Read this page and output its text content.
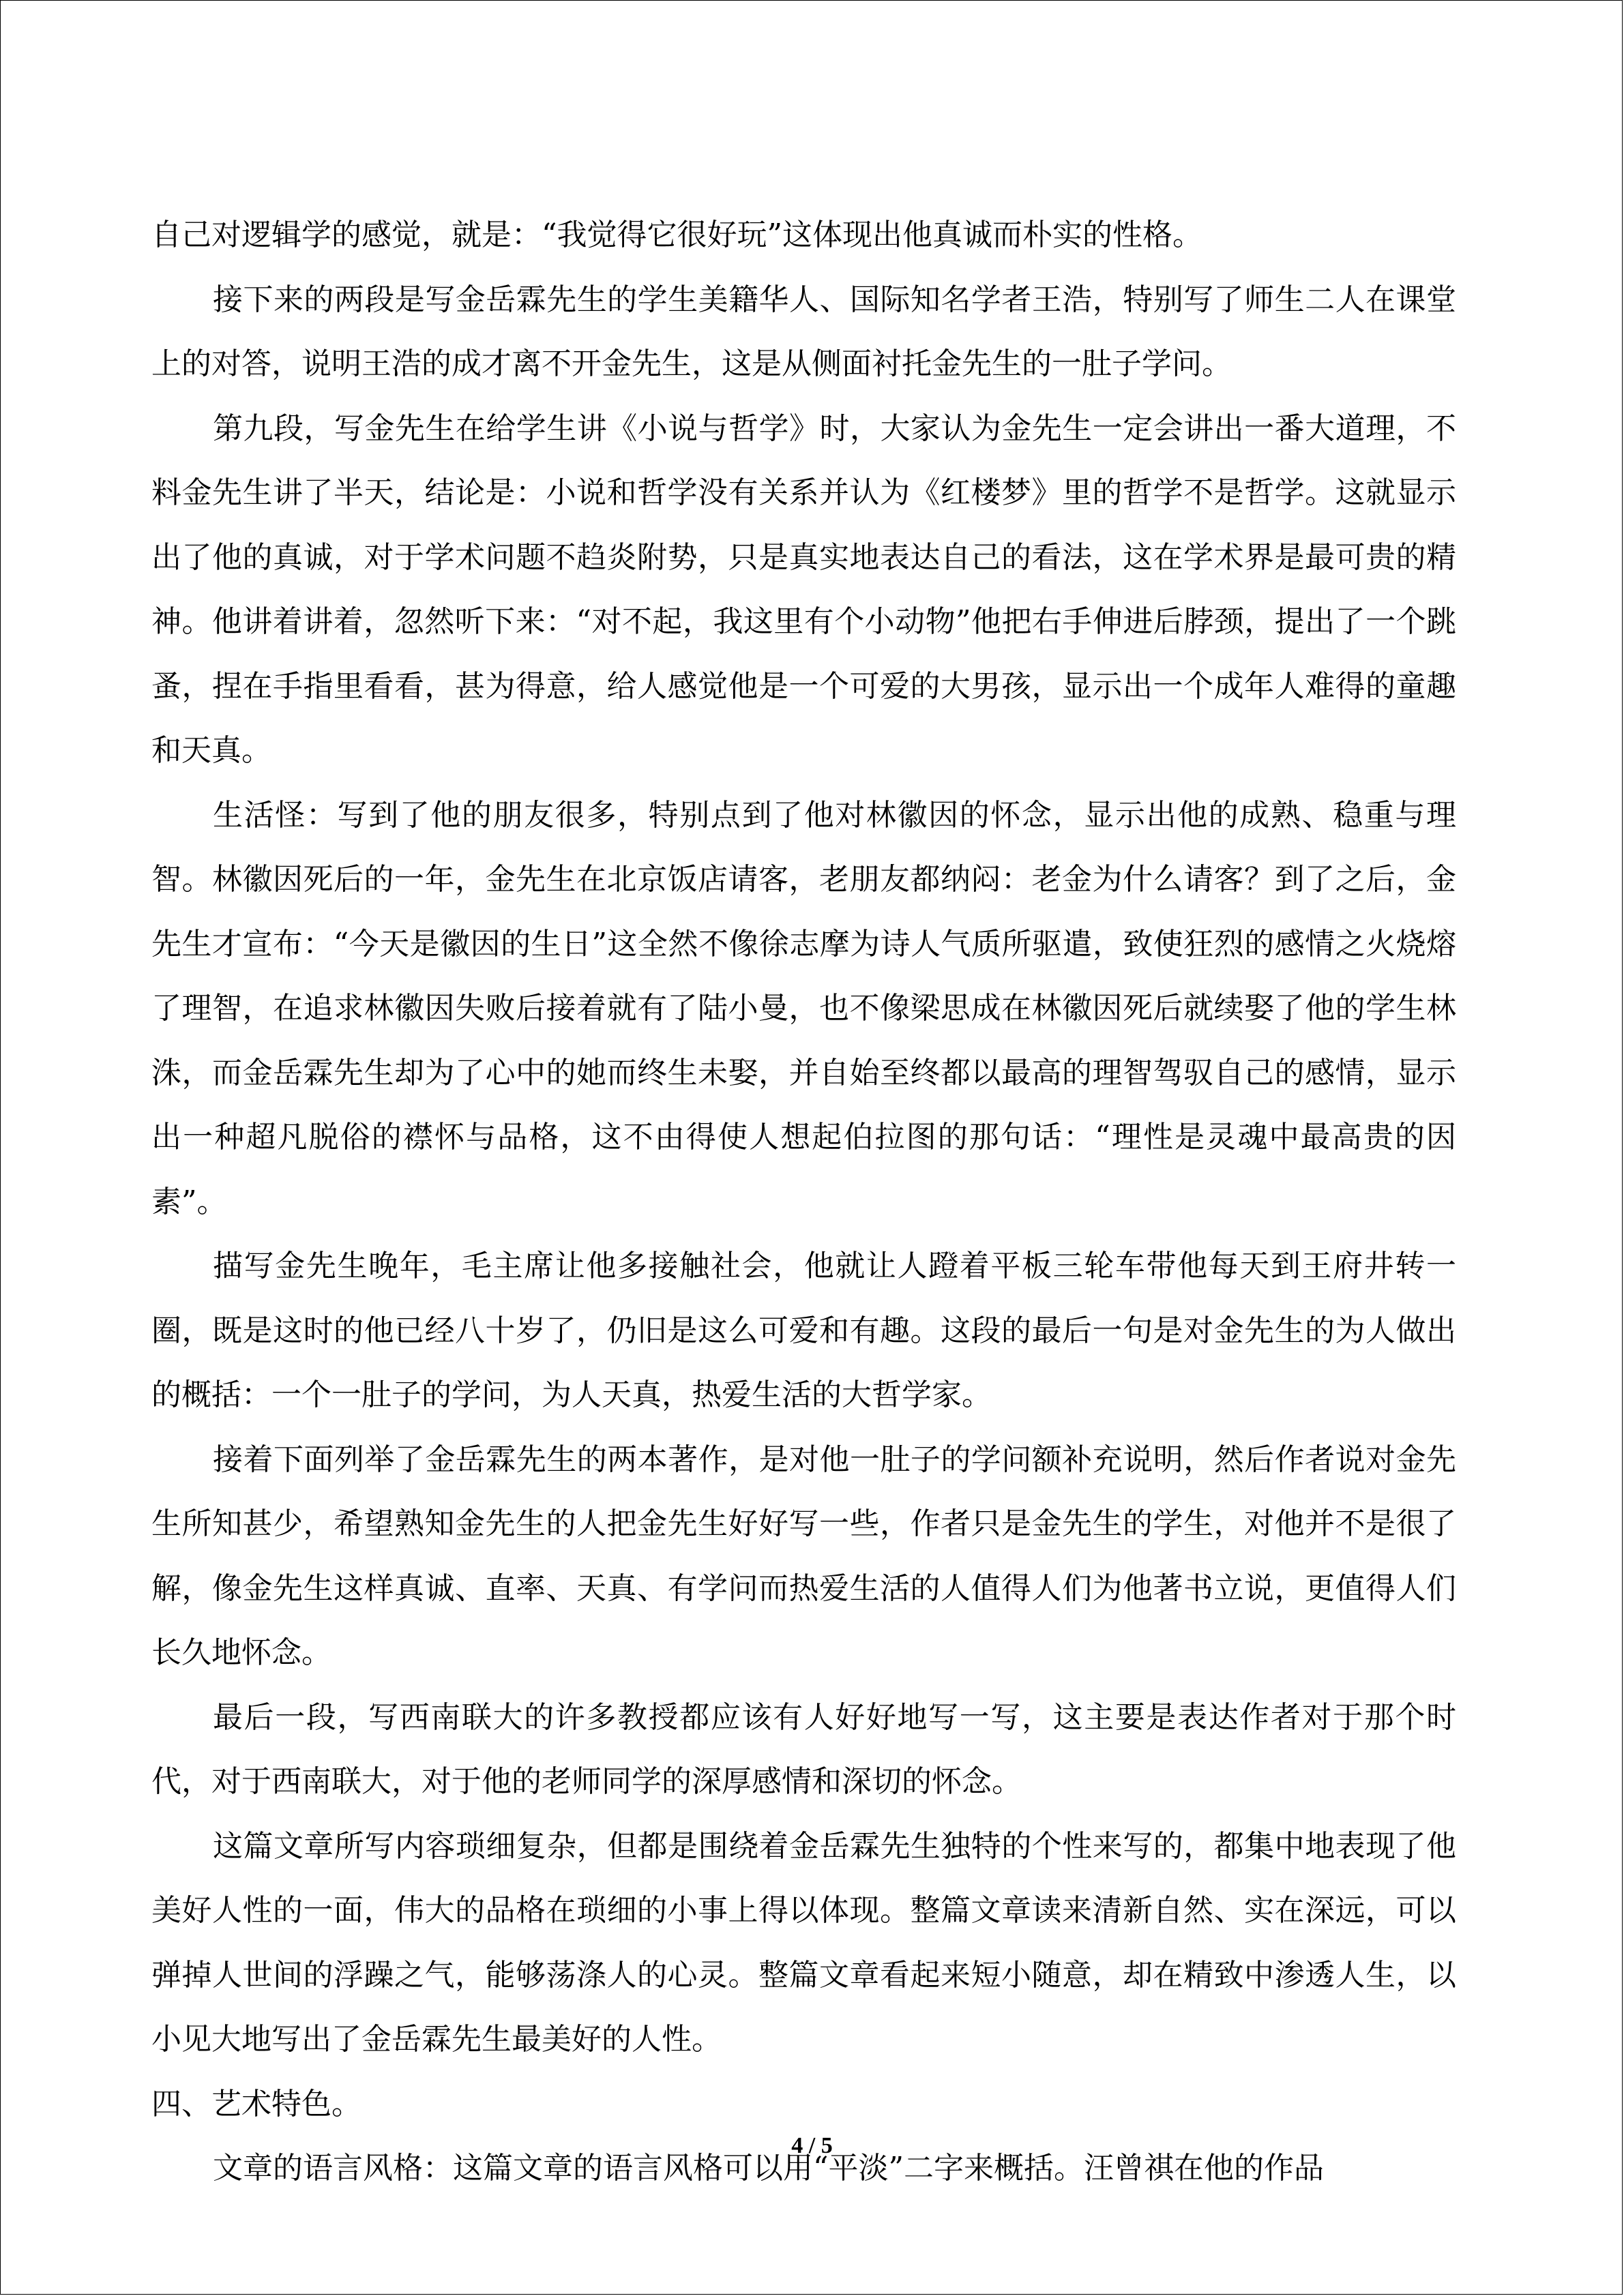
自己对逻辑学的感觉，就是：“我觉得它很好玩”这体现出他真诚而朴实的性格。

接下来的两段是写金岳霖先生的学生美籍华人、国际知名学者王浩，特别写了师生二人在课堂上的对答，说明王浩的成才离不开金先生，这是从侧面衬托金先生的一肚子学问。

第九段，写金先生在给学生讲《小说与哲学》时，大家认为金先生一定会讲出一番大道理，不料金先生讲了半天，结论是：小说和哲学没有关系并认为《红楼梦》里的哲学不是哲学。这就显示出了他的真诚，对于学术问题不趋炎附势，只是真实地表达自己的看法，这在学术界是最可贵的精神。他讲着讲着，忽然听下来：“对不起，我这里有个小动物”他把右手伸进后脖颈，提出了一个跳蚤，捏在手指里看看，甚为得意，给人感觉他是一个可爱的大男孩，显示出一个成年人难得的童趣和天真。

生活怪：写到了他的朋友很多，特别点到了他对林徽因的怀念，显示出他的成熟、稳重与理智。林徽因死后的一年，金先生在北京饭店请客，老朋友都纳闷：老金为什么请客？到了之后，金先生才宣布：“今天是徽因的生日”这全然不像徐志摩为诗人气质所驱遣，致使狂烈的感情之火烧熔了理智，在追求林徽因失败后接着就有了陆小曼，也不像梁思成在林徽因死后就续娶了他的学生林洙，而金岳霖先生却为了心中的她而终生未娶，并自始至终都以最高的理智驾驭自己的感情，显示出一种超凡脱俗的襟怀与品格，这不由得使人想起伯拉图的那句话：“理性是灵魂中最高贵的因素”。

描写金先生晚年，毛主席让他多接触社会，他就让人蹬着平板三轮车带他每天到王府井转一圈，既是这时的他已经八十岁了，仍旧是这么可爱和有趣。这段的最后一句是对金先生的为人做出的概括：一个一肚子的学问，为人天真，热爱生活的大哲学家。

接着下面列举了金岳霖先生的两本著作，是对他一肚子的学问额补充说明，然后作者说对金先生所知甚少，希望熟知金先生的人把金先生好好写一些，作者只是金先生的学生，对他并不是很了解，像金先生这样真诚、直率、天真、有学问而热爱生活的人值得人们为他著书立说，更值得人们长久地怀念。

最后一段，写西南联大的许多教授都应该有人好好地写一写，这主要是表达作者对于那个时代，对于西南联大，对于他的老师同学的深厚感情和深切的怀念。

这篇文章所写内容琐细复杂，但都是围绕着金岳霖先生独特的个性来写的，都集中地表现了他美好人性的一面，伟大的品格在琐细的小事上得以体现。整篇文章读来清新自然、实在深远，可以弹掉人世间的浮躁之气，能够荡涤人的心灵。整篇文章看起来短小随意，却在精致中渗透人生，以小见大地写出了金岳霖先生最美好的人性。

四、艺术特色。

文章的语言风格：这篇文章的语言风格可以用“平淡”二字来概括。汪曾祺在他的作品

4 / 5
